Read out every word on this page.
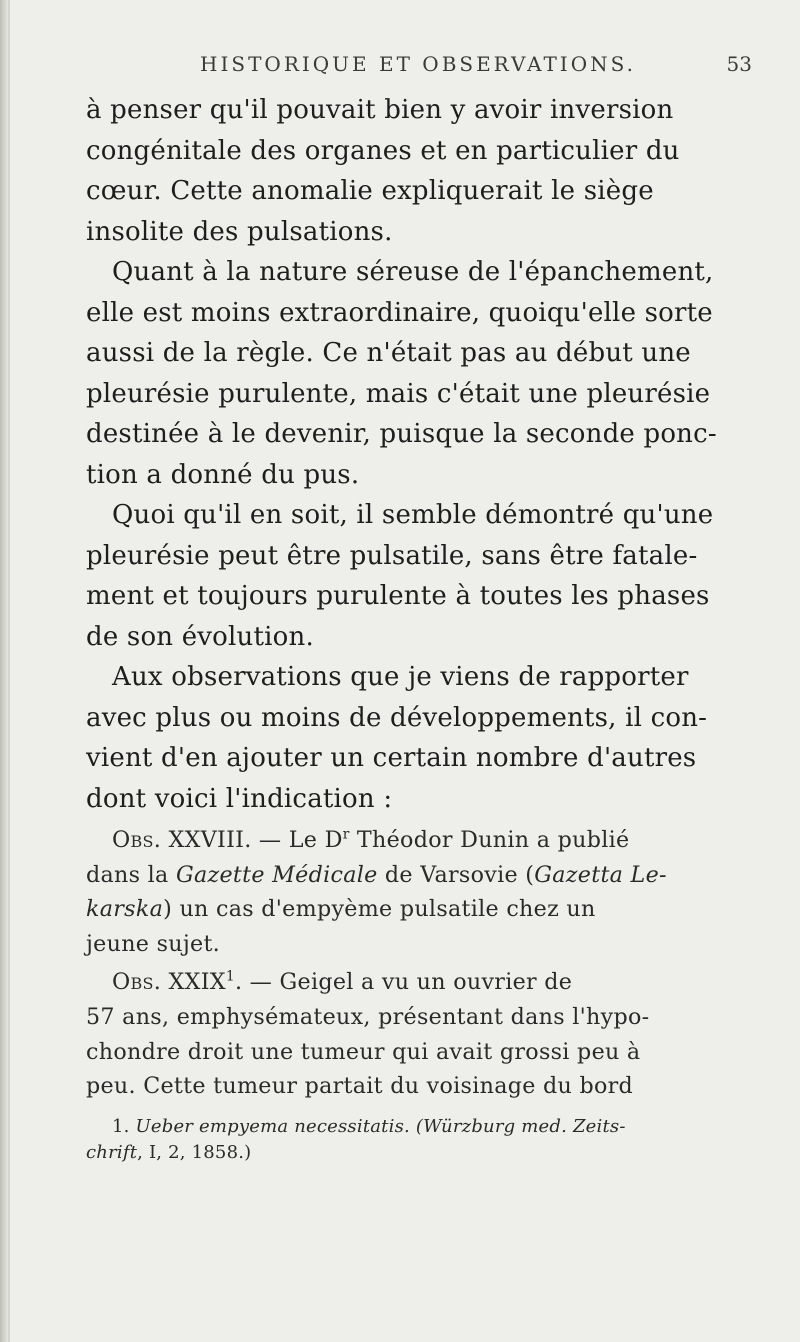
HISTORIQUE ET OBSERVATIONS.	53
à penser qu'il pouvait bien y avoir inversion
congénitale des organes et en particulier du
cœur. Cette anomalie expliquerait le siège
insolite des pulsations.
Quant à la nature séreuse de l'épanchement,
elle est moins extraordinaire, quoiqu'elle sorte
aussi de la règle. Ce n'était pas au début une
pleurésie purulente, mais c'était une pleurésie
destinée à le devenir, puisque la seconde ponc-
tion a donné du pus.
Quoi qu'il en soit, il semble démontré qu'une
pleurésie peut être pulsatile, sans être fatale-
ment et toujours purulente à toutes les phases
de son évolution.
Aux observations que je viens de rapporter
avec plus ou moins de développements, il con-
vient d'en ajouter un certain nombre d'autres
dont voici l'indication :
Obs. XXVIII. — Le $D^r$ Théodor Dunin a publié
dans la Gazette Médicale de Varsovie (Gazetta Le-
karska) un cas d'empyème pulsatile chez un
jeune sujet.
Obs. XXIX$^1$. — Geigel a vu un ouvrier de
57 ans, emphysémateux, présentant dans l'hypo-
chondre droit une tumeur qui avait grossi peu à
peu. Cette tumeur partait du voisinage du bord
1. Ueber empyema necessitatis. (Würzburg med. Zeits-
chrift, I, 2, 1858.)
